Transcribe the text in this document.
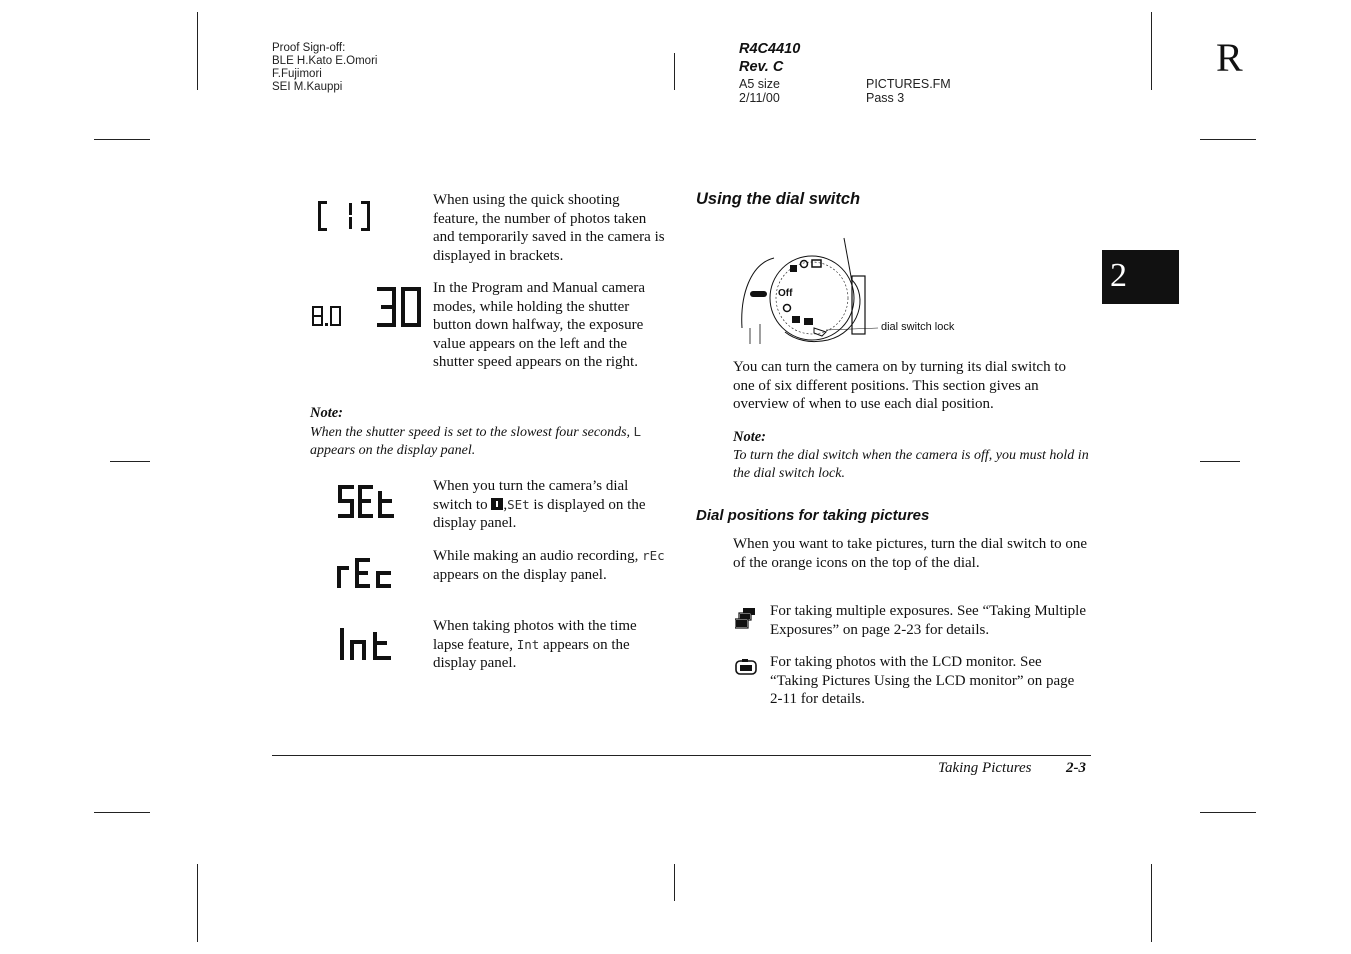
Proof Sign-off:
BLE H.Kato E.Omori
F.Fujimori
SEI M.Kauppi
R4C4410
Rev. C
A5 size
2/11/00
PICTURES.FM
Pass 3
R
2
When using the quick shooting feature, the number of photos taken and temporarily saved in the camera is displayed in brackets.
In the Program and Manual camera modes, while holding the shutter button down halfway, the exposure value appears on the left and the shutter speed appears on the right.
Note:
When the shutter speed is set to the slowest four seconds, L appears on the display panel.
When you turn the camera’s dial switch to ,SEt is displayed on the display panel.
While making an audio recording, rEc appears on the display panel.
When taking photos with the time lapse feature, Int appears on the display panel.
Using the dial switch
Off
dial switch lock
You can turn the camera on by turning its dial switch to one of six different positions. This section gives an overview of when to use each dial position.
Note:
To turn the dial switch when the camera is off, you must hold in the dial switch lock.
Dial positions for taking pictures
When you want to take pictures, turn the dial switch to one of the orange icons on the top of the dial.
For taking multiple exposures. See “Taking Multiple Exposures” on page 2-23 for details.
For taking photos with the LCD monitor. See “Taking Pictures Using the LCD monitor” on page 2-11 for details.
Taking Pictures 2-3
